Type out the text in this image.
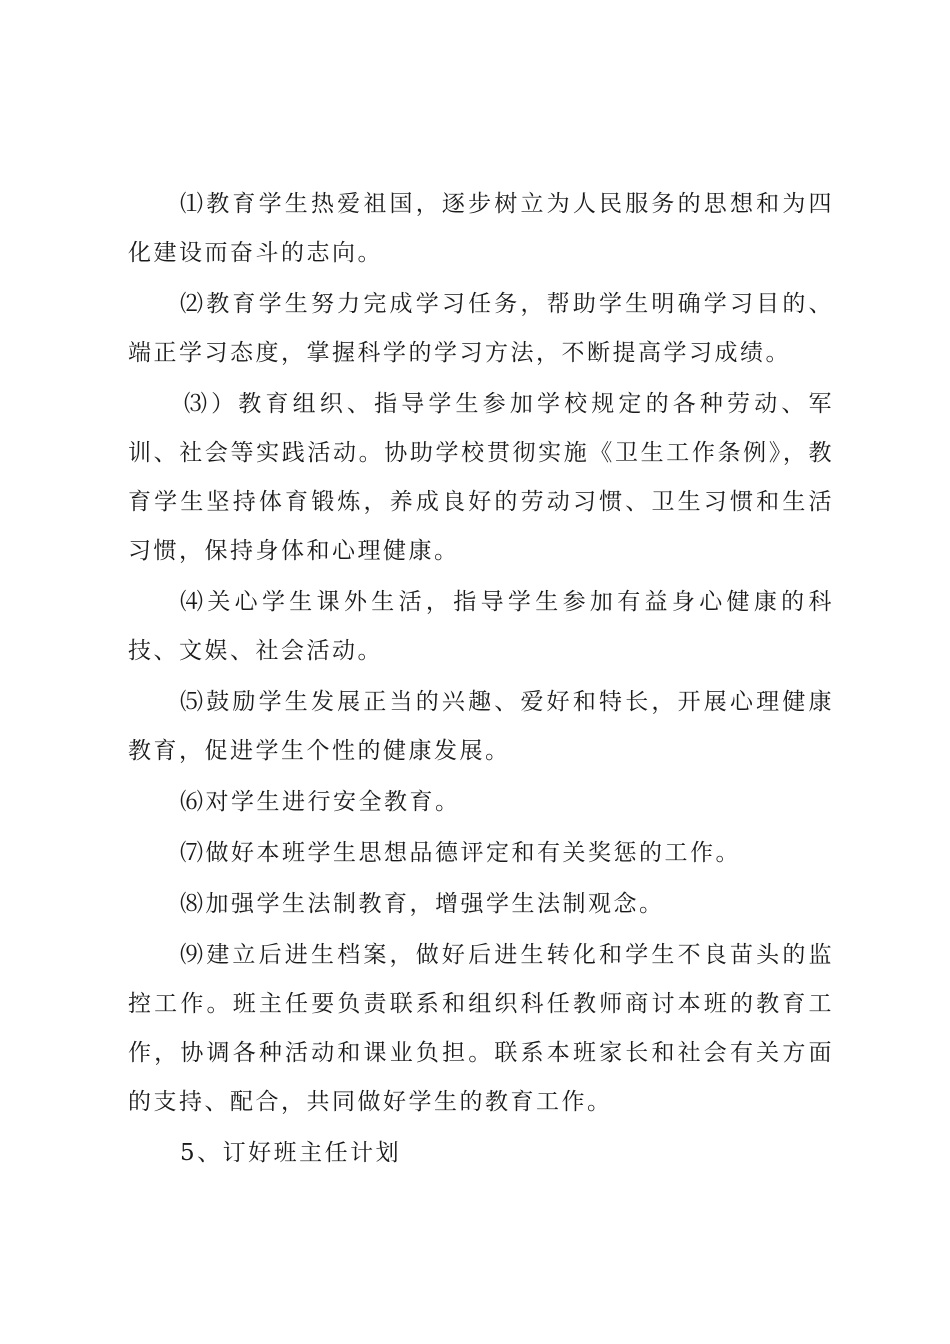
⑴教育学生热爱祖国，逐步树立为人民服务的思想和为四化建设而奋斗的志向。

⑵教育学生努力完成学习任务，帮助学生明确学习目的、端正学习态度，掌握科学的学习方法，不断提高学习成绩。

⑶）教育组织、指导学生参加学校规定的各种劳动、军训、社会等实践活动。协助学校贯彻实施《卫生工作条例》，教育学生坚持体育锻炼，养成良好的劳动习惯、卫生习惯和生活习惯，保持身体和心理健康。

⑷关心学生课外生活，指导学生参加有益身心健康的科技、文娱、社会活动。

⑸鼓励学生发展正当的兴趣、爱好和特长，开展心理健康教育，促进学生个性的健康发展。

⑹对学生进行安全教育。

⑺做好本班学生思想品德评定和有关奖惩的工作。

⑻加强学生法制教育，增强学生法制观念。

⑼建立后进生档案，做好后进生转化和学生不良苗头的监控工作。班主任要负责联系和组织科任教师商讨本班的教育工作，协调各种活动和课业负担。联系本班家长和社会有关方面的支持、配合，共同做好学生的教育工作。

5、订好班主任计划
